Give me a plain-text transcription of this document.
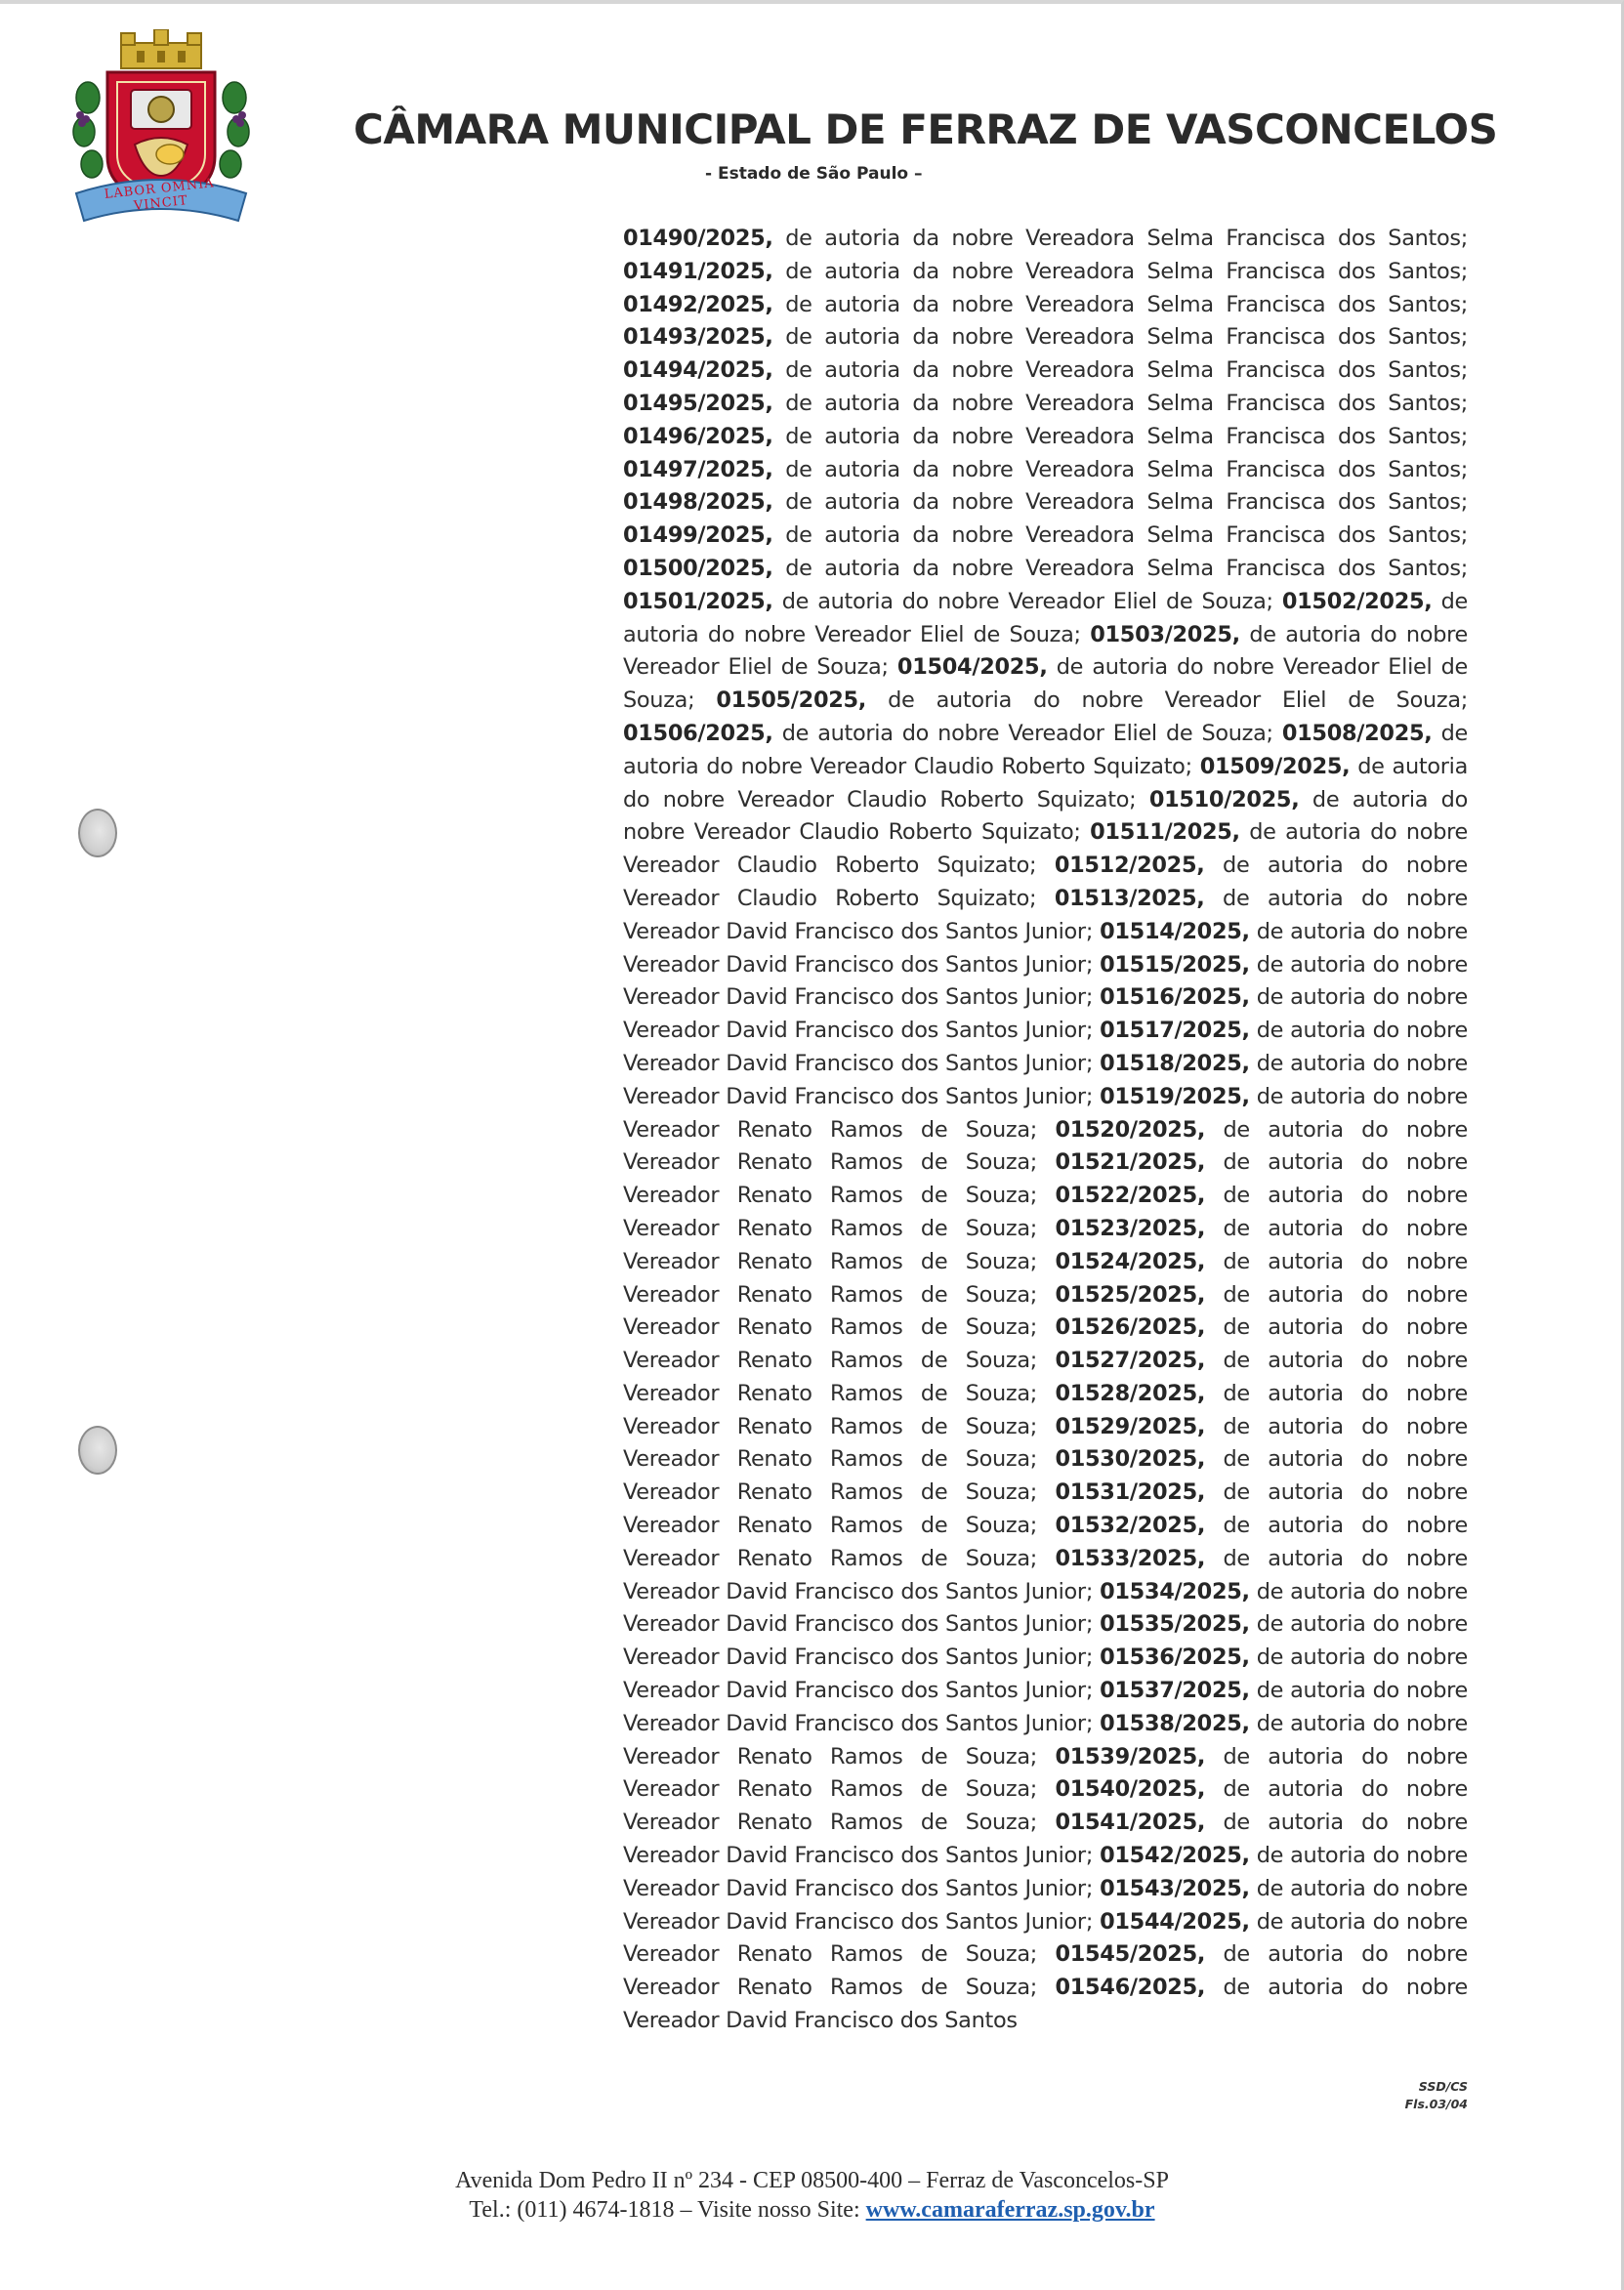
LABOR OMNIA VINCIT
CÂMARA MUNICIPAL DE FERRAZ DE VASCONCELOS
- Estado de São Paulo –
01490/2025, de autoria da nobre Vereadora Selma Francisca dos Santos; 01491/2025, de autoria da nobre Vereadora Selma Francisca dos Santos; 01492/2025, de autoria da nobre Vereadora Selma Francisca dos Santos; 01493/2025, de autoria da nobre Vereadora Selma Francisca dos Santos; 01494/2025, de autoria da nobre Vereadora Selma Francisca dos Santos; 01495/2025, de autoria da nobre Vereadora Selma Francisca dos Santos; 01496/2025, de autoria da nobre Vereadora Selma Francisca dos Santos; 01497/2025, de autoria da nobre Vereadora Selma Francisca dos Santos; 01498/2025, de autoria da nobre Vereadora Selma Francisca dos Santos; 01499/2025, de autoria da nobre Vereadora Selma Francisca dos Santos; 01500/2025, de autoria da nobre Vereadora Selma Francisca dos Santos; 01501/2025, de autoria do nobre Vereador Eliel de Souza; 01502/2025, de autoria do nobre Vereador Eliel de Souza; 01503/2025, de autoria do nobre Vereador Eliel de Souza; 01504/2025, de autoria do nobre Vereador Eliel de Souza; 01505/2025, de autoria do nobre Vereador Eliel de Souza; 01506/2025, de autoria do nobre Vereador Eliel de Souza; 01508/2025, de autoria do nobre Vereador Claudio Roberto Squizato; 01509/2025, de autoria do nobre Vereador Claudio Roberto Squizato; 01510/2025, de autoria do nobre Vereador Claudio Roberto Squizato; 01511/2025, de autoria do nobre Vereador Claudio Roberto Squizato; 01512/2025, de autoria do nobre Vereador Claudio Roberto Squizato; 01513/2025, de autoria do nobre Vereador David Francisco dos Santos Junior; 01514/2025, de autoria do nobre Vereador David Francisco dos Santos Junior; 01515/2025, de autoria do nobre Vereador David Francisco dos Santos Junior; 01516/2025, de autoria do nobre Vereador David Francisco dos Santos Junior; 01517/2025, de autoria do nobre Vereador David Francisco dos Santos Junior; 01518/2025, de autoria do nobre Vereador David Francisco dos Santos Junior; 01519/2025, de autoria do nobre Vereador Renato Ramos de Souza; 01520/2025, de autoria do nobre Vereador Renato Ramos de Souza; 01521/2025, de autoria do nobre Vereador Renato Ramos de Souza; 01522/2025, de autoria do nobre Vereador Renato Ramos de Souza; 01523/2025, de autoria do nobre Vereador Renato Ramos de Souza; 01524/2025, de autoria do nobre Vereador Renato Ramos de Souza; 01525/2025, de autoria do nobre Vereador Renato Ramos de Souza; 01526/2025, de autoria do nobre Vereador Renato Ramos de Souza; 01527/2025, de autoria do nobre Vereador Renato Ramos de Souza; 01528/2025, de autoria do nobre Vereador Renato Ramos de Souza; 01529/2025, de autoria do nobre Vereador Renato Ramos de Souza; 01530/2025, de autoria do nobre Vereador Renato Ramos de Souza; 01531/2025, de autoria do nobre Vereador Renato Ramos de Souza; 01532/2025, de autoria do nobre Vereador Renato Ramos de Souza; 01533/2025, de autoria do nobre Vereador David Francisco dos Santos Junior; 01534/2025, de autoria do nobre Vereador David Francisco dos Santos Junior; 01535/2025, de autoria do nobre Vereador David Francisco dos Santos Junior; 01536/2025, de autoria do nobre Vereador David Francisco dos Santos Junior; 01537/2025, de autoria do nobre Vereador David Francisco dos Santos Junior; 01538/2025, de autoria do nobre Vereador Renato Ramos de Souza; 01539/2025, de autoria do nobre Vereador Renato Ramos de Souza; 01540/2025, de autoria do nobre Vereador Renato Ramos de Souza; 01541/2025, de autoria do nobre Vereador David Francisco dos Santos Junior; 01542/2025, de autoria do nobre Vereador David Francisco dos Santos Junior; 01543/2025, de autoria do nobre Vereador David Francisco dos Santos Junior; 01544/2025, de autoria do nobre Vereador Renato Ramos de Souza; 01545/2025, de autoria do nobre Vereador Renato Ramos de Souza; 01546/2025, de autoria do nobre Vereador David Francisco dos Santos
SSD/CS
Fls.03/04
Avenida Dom Pedro II nº 234 - CEP 08500-400 – Ferraz de Vasconcelos-SP
Tel.: (011) 4674-1818 – Visite nosso Site: www.camaraferraz.sp.gov.br
